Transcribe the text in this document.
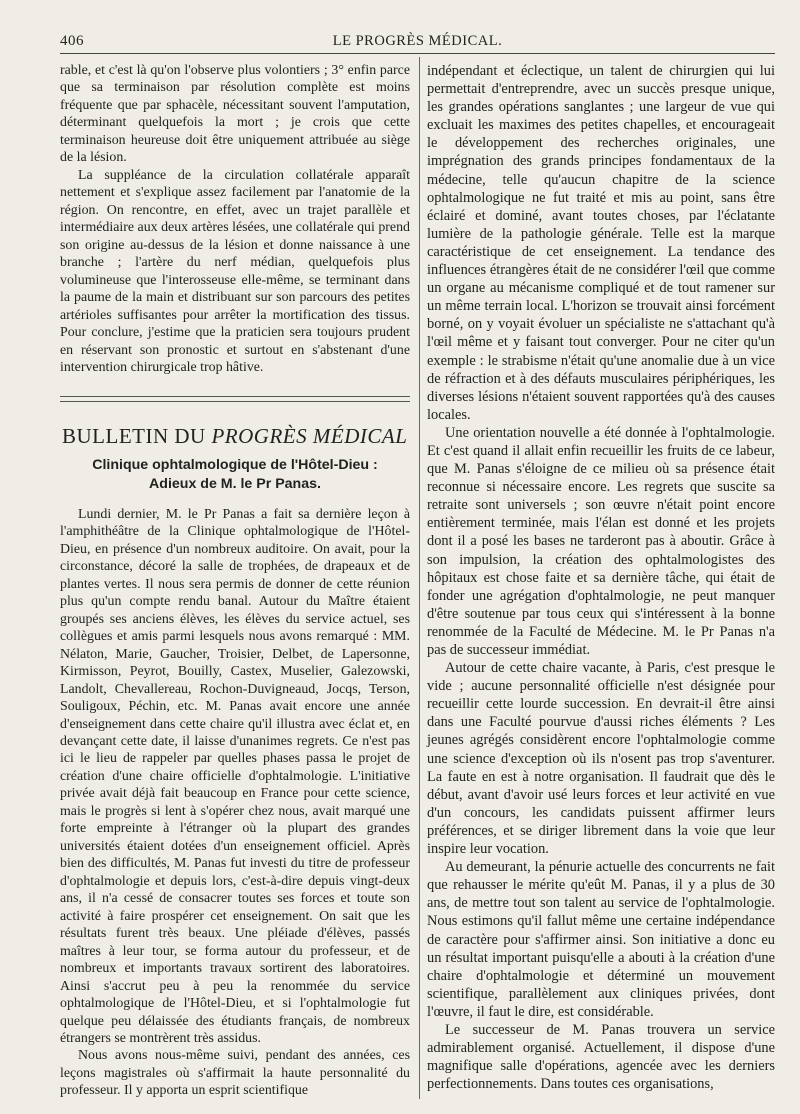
406	LE PROGRÈS MÉDICAL.

rable, et c'est là qu'on l'observe plus volontiers ; 3° enfin parce que sa terminaison par résolution complète est moins fréquente que par sphacèle, nécessitant souvent l'amputation, déterminant quelquefois la mort ; je crois que cette terminaison heureuse doit être uniquement attribuée au siège de la lésion.

La suppléance de la circulation collatérale apparaît nettement et s'explique assez facilement par l'anatomie de la région. On rencontre, en effet, avec un trajet parallèle et intermédiaire aux deux artères lésées, une collatérale qui prend son origine au-dessus de la lésion et donne naissance à une branche ; l'artère du nerf médian, quelquefois plus volumineuse que l'interosseuse elle-même, se terminant dans la paume de la main et distribuant sur son parcours des petites artérioles suffisantes pour arrêter la mortification des tissus. Pour conclure, j'estime que la praticien sera toujours prudent en réservant son pronostic et surtout en s'abstenant d'une intervention chirurgicale trop hâtive.

BULLETIN DU PROGRÈS MÉDICAL
Clinique ophtalmologique de l'Hôtel-Dieu :
Adieux de M. le Pr Panas.

Lundi dernier, M. le Pr Panas a fait sa dernière leçon à l'amphithéâtre de la Clinique ophtalmologique de l'Hôtel-Dieu, en présence d'un nombreux auditoire. On avait, pour la circonstance, décoré la salle de trophées, de drapeaux et de plantes vertes. Il nous sera permis de donner de cette réunion plus qu'un compte rendu banal. Autour du Maître étaient groupés ses anciens élèves, les élèves du service actuel, ses collègues et amis parmi lesquels nous avons remarqué : MM. Nélaton, Marie, Gaucher, Troisier, Delbet, de Lapersonne, Kirmisson, Peyrot, Bouilly, Castex, Muselier, Galezowski, Landolt, Chevallereau, Rochon-Duvigneaud, Jocqs, Terson, Souligoux, Péchin, etc. M. Panas avait encore une année d'enseignement dans cette chaire qu'il illustra avec éclat et, en devançant cette date, il laisse d'unanimes regrets. Ce n'est pas ici le lieu de rappeler par quelles phases passa le projet de création d'une chaire officielle d'ophtalmologie. L'initiative privée avait déjà fait beaucoup en France pour cette science, mais le progrès si lent à s'opérer chez nous, avait marqué une forte empreinte à l'étranger où la plupart des grandes universités étaient dotées d'un enseignement officiel. Après bien des difficultés, M. Panas fut investi du titre de professeur d'ophtalmologie et depuis lors, c'est-à-dire depuis vingt-deux ans, il n'a cessé de consacrer toutes ses forces et toute son activité à faire prospérer cet enseignement. On sait que les résultats furent très beaux. Une pléiade d'élèves, passés maîtres à leur tour, se forma autour du professeur, et de nombreux et importants travaux sortirent des laboratoires. Ainsi s'accrut peu à peu la renommée du service ophtalmologique de l'Hôtel-Dieu, et si l'ophtalmologie fut quelque peu délaissée des étudiants français, de nombreux étrangers se montrèrent très assidus.

Nous avons nous-même suivi, pendant des années, ces leçons magistrales où s'affirmait la haute personnalité du professeur. Il y apporta un esprit scientifique

indépendant et éclectique, un talent de chirurgien qui lui permettait d'entreprendre, avec un succès presque unique, les grandes opérations sanglantes ; une largeur de vue qui excluait les maximes des petites chapelles, et encourageait le développement des recherches originales, une imprégnation des grands principes fondamentaux de la médecine, telle qu'aucun chapitre de la science ophtalmologique ne fut traité et mis au point, sans être éclairé et dominé, avant toutes choses, par l'éclatante lumière de la pathologie générale. Telle est la marque caractéristique de cet enseignement. La tendance des influences étrangères était de ne considérer l'œil que comme un organe au mécanisme compliqué et de tout ramener sur un même terrain local. L'horizon se trouvait ainsi forcément borné, on y voyait évoluer un spécialiste ne s'attachant qu'à l'œil même et y faisant tout converger. Pour ne citer qu'un exemple : le strabisme n'était qu'une anomalie due à un vice de réfraction et à des défauts musculaires périphériques, les diverses lésions n'étaient souvent rapportées qu'à des causes locales.

Une orientation nouvelle a été donnée à l'ophtalmologie. Et c'est quand il allait enfin recueillir les fruits de ce labeur, que M. Panas s'éloigne de ce milieu où sa présence était reconnue si nécessaire encore. Les regrets que suscite sa retraite sont universels ; son œuvre n'était point encore entièrement terminée, mais l'élan est donné et les projets dont il a posé les bases ne tarderont pas à aboutir. Grâce à son impulsion, la création des ophtalmologistes des hôpitaux est chose faite et sa dernière tâche, qui était de fonder une agrégation d'ophtalmologie, ne peut manquer d'être soutenue par tous ceux qui s'intéressent à la bonne renommée de la Faculté de Médecine. M. le Pr Panas n'a pas de successeur immédiat.

Autour de cette chaire vacante, à Paris, c'est presque le vide ; aucune personnalité officielle n'est désignée pour recueillir cette lourde succession. En devrait-il être ainsi dans une Faculté pourvue d'aussi riches éléments ? Les jeunes agrégés considèrent encore l'ophtalmologie comme une science d'exception où ils n'osent pas trop s'aventurer. La faute en est à notre organisation. Il faudrait que dès le début, avant d'avoir usé leurs forces et leur activité en vue d'un concours, les candidats puissent affirmer leurs préférences, et se diriger librement dans la voie que leur inspire leur vocation.

Au demeurant, la pénurie actuelle des concurrents ne fait que rehausser le mérite qu'eût M. Panas, il y a plus de 30 ans, de mettre tout son talent au service de l'ophtalmologie. Nous estimons qu'il fallut même une certaine indépendance de caractère pour s'affirmer ainsi. Son initiative a donc eu un résultat important puisqu'elle a abouti à la création d'une chaire d'ophtalmologie et déterminé un mouvement scientifique, parallèlement aux cliniques privées, dont l'œuvre, il faut le dire, est considérable.

Le successeur de M. Panas trouvera un service admirablement organisé. Actuellement, il dispose d'une magnifique salle d'opérations, agencée avec les derniers perfectionnements. Dans toutes ces organisations,
